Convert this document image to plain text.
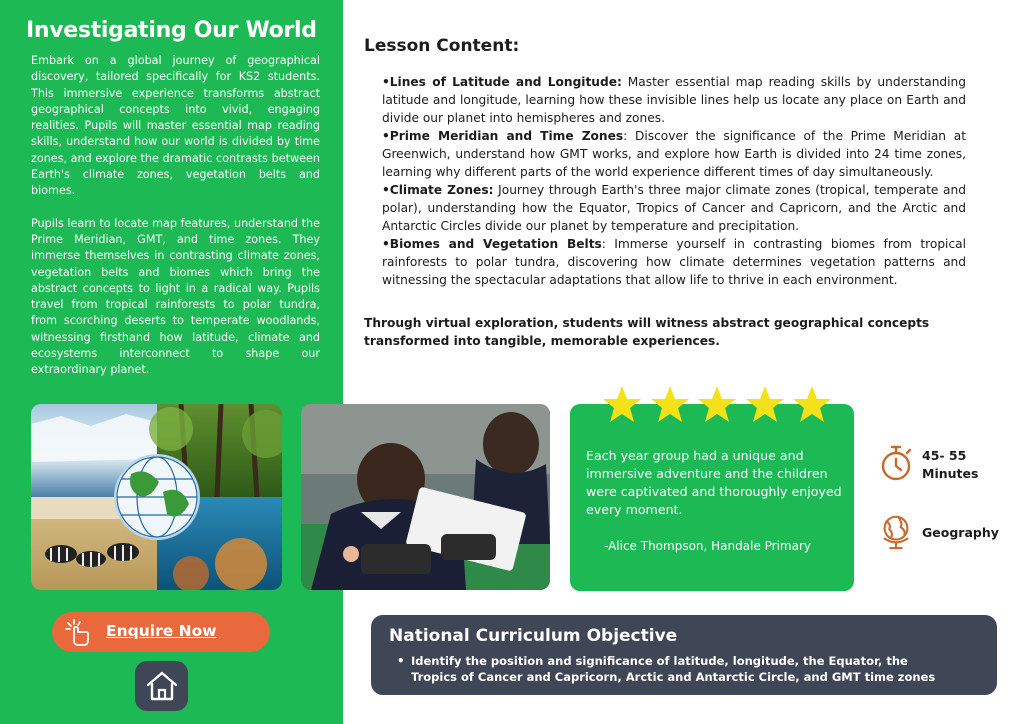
Investigating Our World

Embark on a global journey of geographical discovery, tailored specifically for KS2 students. This immersive experience transforms abstract geographical concepts into vivid, engaging realities. Pupils will master essential map reading skills, understand how our world is divided by time zones, and explore the dramatic contrasts between Earth's climate zones, vegetation belts and biomes.

Pupils learn to locate map features, understand the Prime Meridian, GMT, and time zones. They immerse themselves in contrasting climate zones, vegetation belts and biomes which bring the abstract concepts to light in a radical way. Pupils travel from tropical rainforests to polar tundra, from scorching deserts to temperate woodlands, witnessing firsthand how latitude, climate and ecosystems interconnect to shape our extraordinary planet.

Enquire Now
Lesson Content:
•Lines of Latitude and Longitude: Master essential map reading skills by understanding latitude and longitude, learning how these invisible lines help us locate any place on Earth and divide our planet into hemispheres and zones.
•Prime Meridian and Time Zones: Discover the significance of the Prime Meridian at Greenwich, understand how GMT works, and explore how Earth is divided into 24 time zones, learning why different parts of the world experience different times of day simultaneously.
•Climate Zones: Journey through Earth's three major climate zones (tropical, temperate and polar), understanding how the Equator, Tropics of Cancer and Capricorn, and the Arctic and Antarctic Circles divide our planet by temperature and precipitation.
•Biomes and Vegetation Belts: Immerse yourself in contrasting biomes from tropical rainforests to polar tundra, discovering how climate determines vegetation patterns and witnessing the spectacular adaptations that allow life to thrive in each environment.

Through virtual exploration, students will witness abstract geographical concepts transformed into tangible, memorable experiences.

Each year group had a unique and immersive adventure and the children were captivated and thoroughly enjoyed every moment.

-Alice Thompson, Handale Primary

45- 55

Minutes

Geography

National Curriculum Objective
• Identify the position and significance of latitude, longitude, the Equator, the
Tropics of Cancer and Capricorn, Arctic and Antarctic Circle, and GMT time zones
